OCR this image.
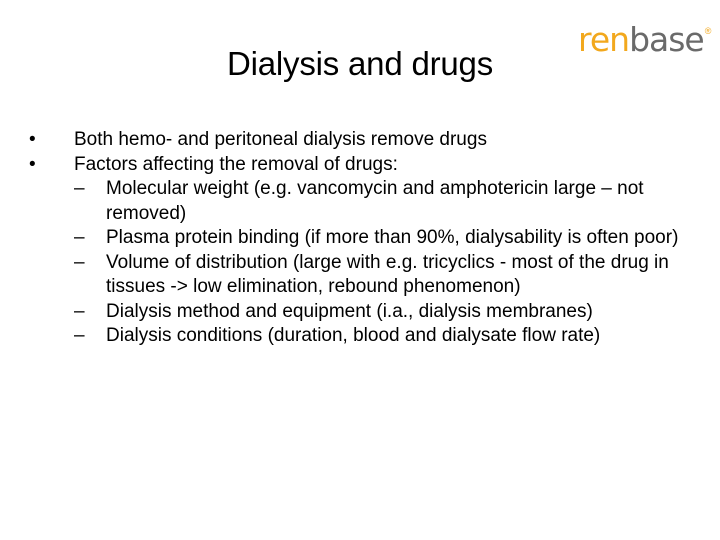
Dialysis and drugs
renbase ®
• Both hemo- and peritoneal dialysis remove drugs
• Factors affecting the removal of drugs:
– Molecular weight (e.g. vancomycin and amphotericin large – not removed)
– Plasma protein binding (if more than 90%, dialysability is often poor)
– Volume of distribution (large with e.g. tricyclics - most of the drug in tissues -> low elimination, rebound phenomenon)
– Dialysis method and equipment (i.a., dialysis membranes)
– Dialysis conditions (duration, blood and dialysate flow rate)
